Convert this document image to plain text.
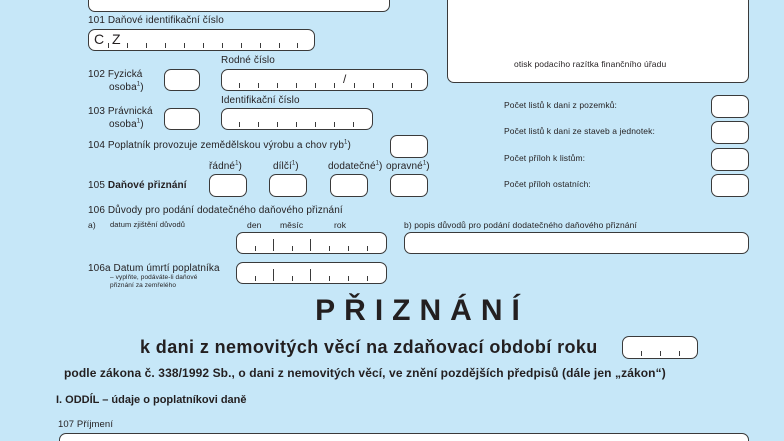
otisk podacího razítka finančního úřadu
101 Daňové identifikační číslo
C Z
102 Fyzická
osoba$^1$)
Rodné číslo
/
103 Právnická
osoba$^1$)
Identifikační číslo
104 Poplatník provozuje zemědělskou výrobu a chov ryb$^1$)
řádné$^1$)	dílčí$^1$)	dodatečné$^1$) opravné$^1$)
105 Daňové přiznání
Počet listů k dani z pozemků:
Počet listů k dani ze staveb a jednotek:
Počet příloh k listům:
Počet příloh ostatních:
106 Důvody pro podání dodatečného daňového přiznání
a) datum zjištění důvodů	den měsíc	rok	b) popis důvodů pro podání dodatečného daňového přiznání
106a Datum úmrtí poplatníka
– vyplňte, podáváte-li daňové
přiznání za zemřelého
PŘIZNÁNÍ
k dani z nemovitých věcí na zdaňovací období roku
podle zákona č. 338/1992 Sb., o dani z nemovitých věcí, ve znění pozdějších předpisů (dále jen „zákon“)
I. ODDÍL – údaje o poplatníkovi daně
107 Příjmení
